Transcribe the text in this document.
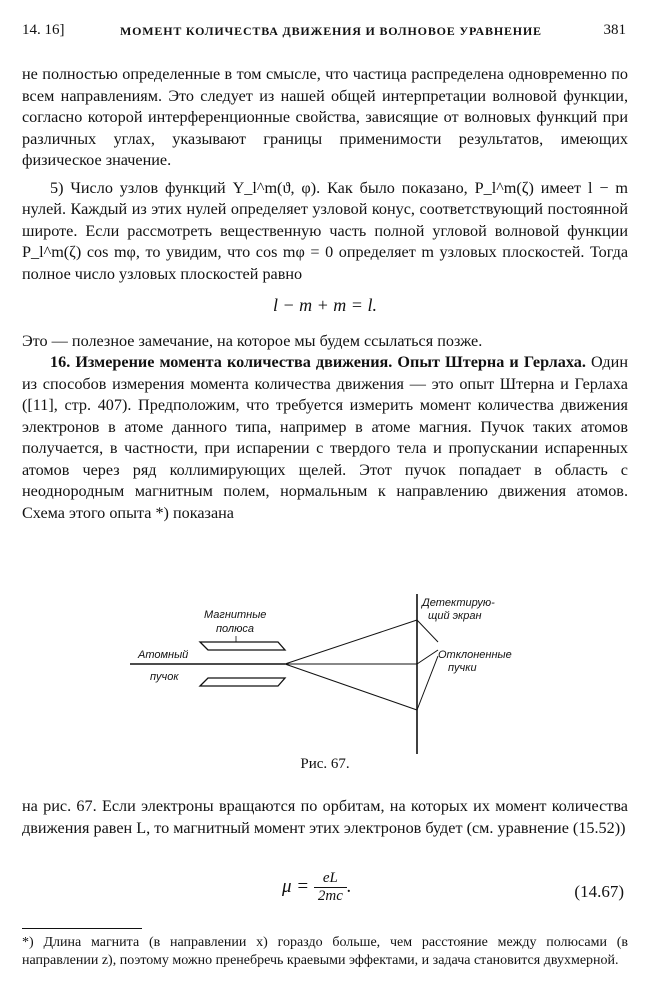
14. 16]	МОМЕНТ КОЛИЧЕСТВА ДВИЖЕНИЯ И ВОЛНОВОЕ УРАВНЕНИЕ	381

не полностью определенные в том смысле, что частица распределена одновременно по всем направлениям. Это следует из нашей общей интерпретации волновой функции, согласно которой интерференционные свойства, зависящие от волновых функций при различных углах, указывают границы применимости результатов, имеющих физическое значение.

5) Число узлов функций Y_l^m(ϑ, φ). Как было показано, P_l^m(ζ) имеет l − m нулей. Каждый из этих нулей определяет узловой конус, соответствующий постоянной широте. Если рассмотреть вещественную часть полной угловой волновой функции P_l^m(ζ) cos mφ, то увидим, что cos mφ = 0 определяет m узловых плоскостей. Тогда полное число узловых плоскостей равно

l − m + m = l.

Это — полезное замечание, на которое мы будем ссылаться позже.

16. Измерение момента количества движения. Опыт Штерна и Герлаха. Один из способов измерения момента количества движения — это опыт Штерна и Герлаха ([11], стр. 407). Предположим, что требуется измерить момент количества движения электронов в атоме данного типа, например в атоме магния. Пучок таких атомов получается, в частности, при испарении с твердого тела и пропускании испаренных атомов через ряд коллимирующих щелей. Этот пучок попадает в область с неоднородным магнитным полем, нормальным к направлению движения атомов. Схема этого опыта *) показана

Магнитные
полюса
Атомный
пучок
Детектирую-
щий экран
Отклоненные
пучки
Рис. 67.

на рис. 67. Если электроны вращаются по орбитам, на которых их момент количества движения равен L, то магнитный момент этих электронов будет (см. уравнение (15.52))

$\mu = \frac{eL}{2mc}$ .	(14.67)
*) Длина магнита (в направлении x) гораздо больше, чем расстояние между полюсами (в направлении z), поэтому можно пренебречь краевыми эффектами, и задача становится двухмерной.
